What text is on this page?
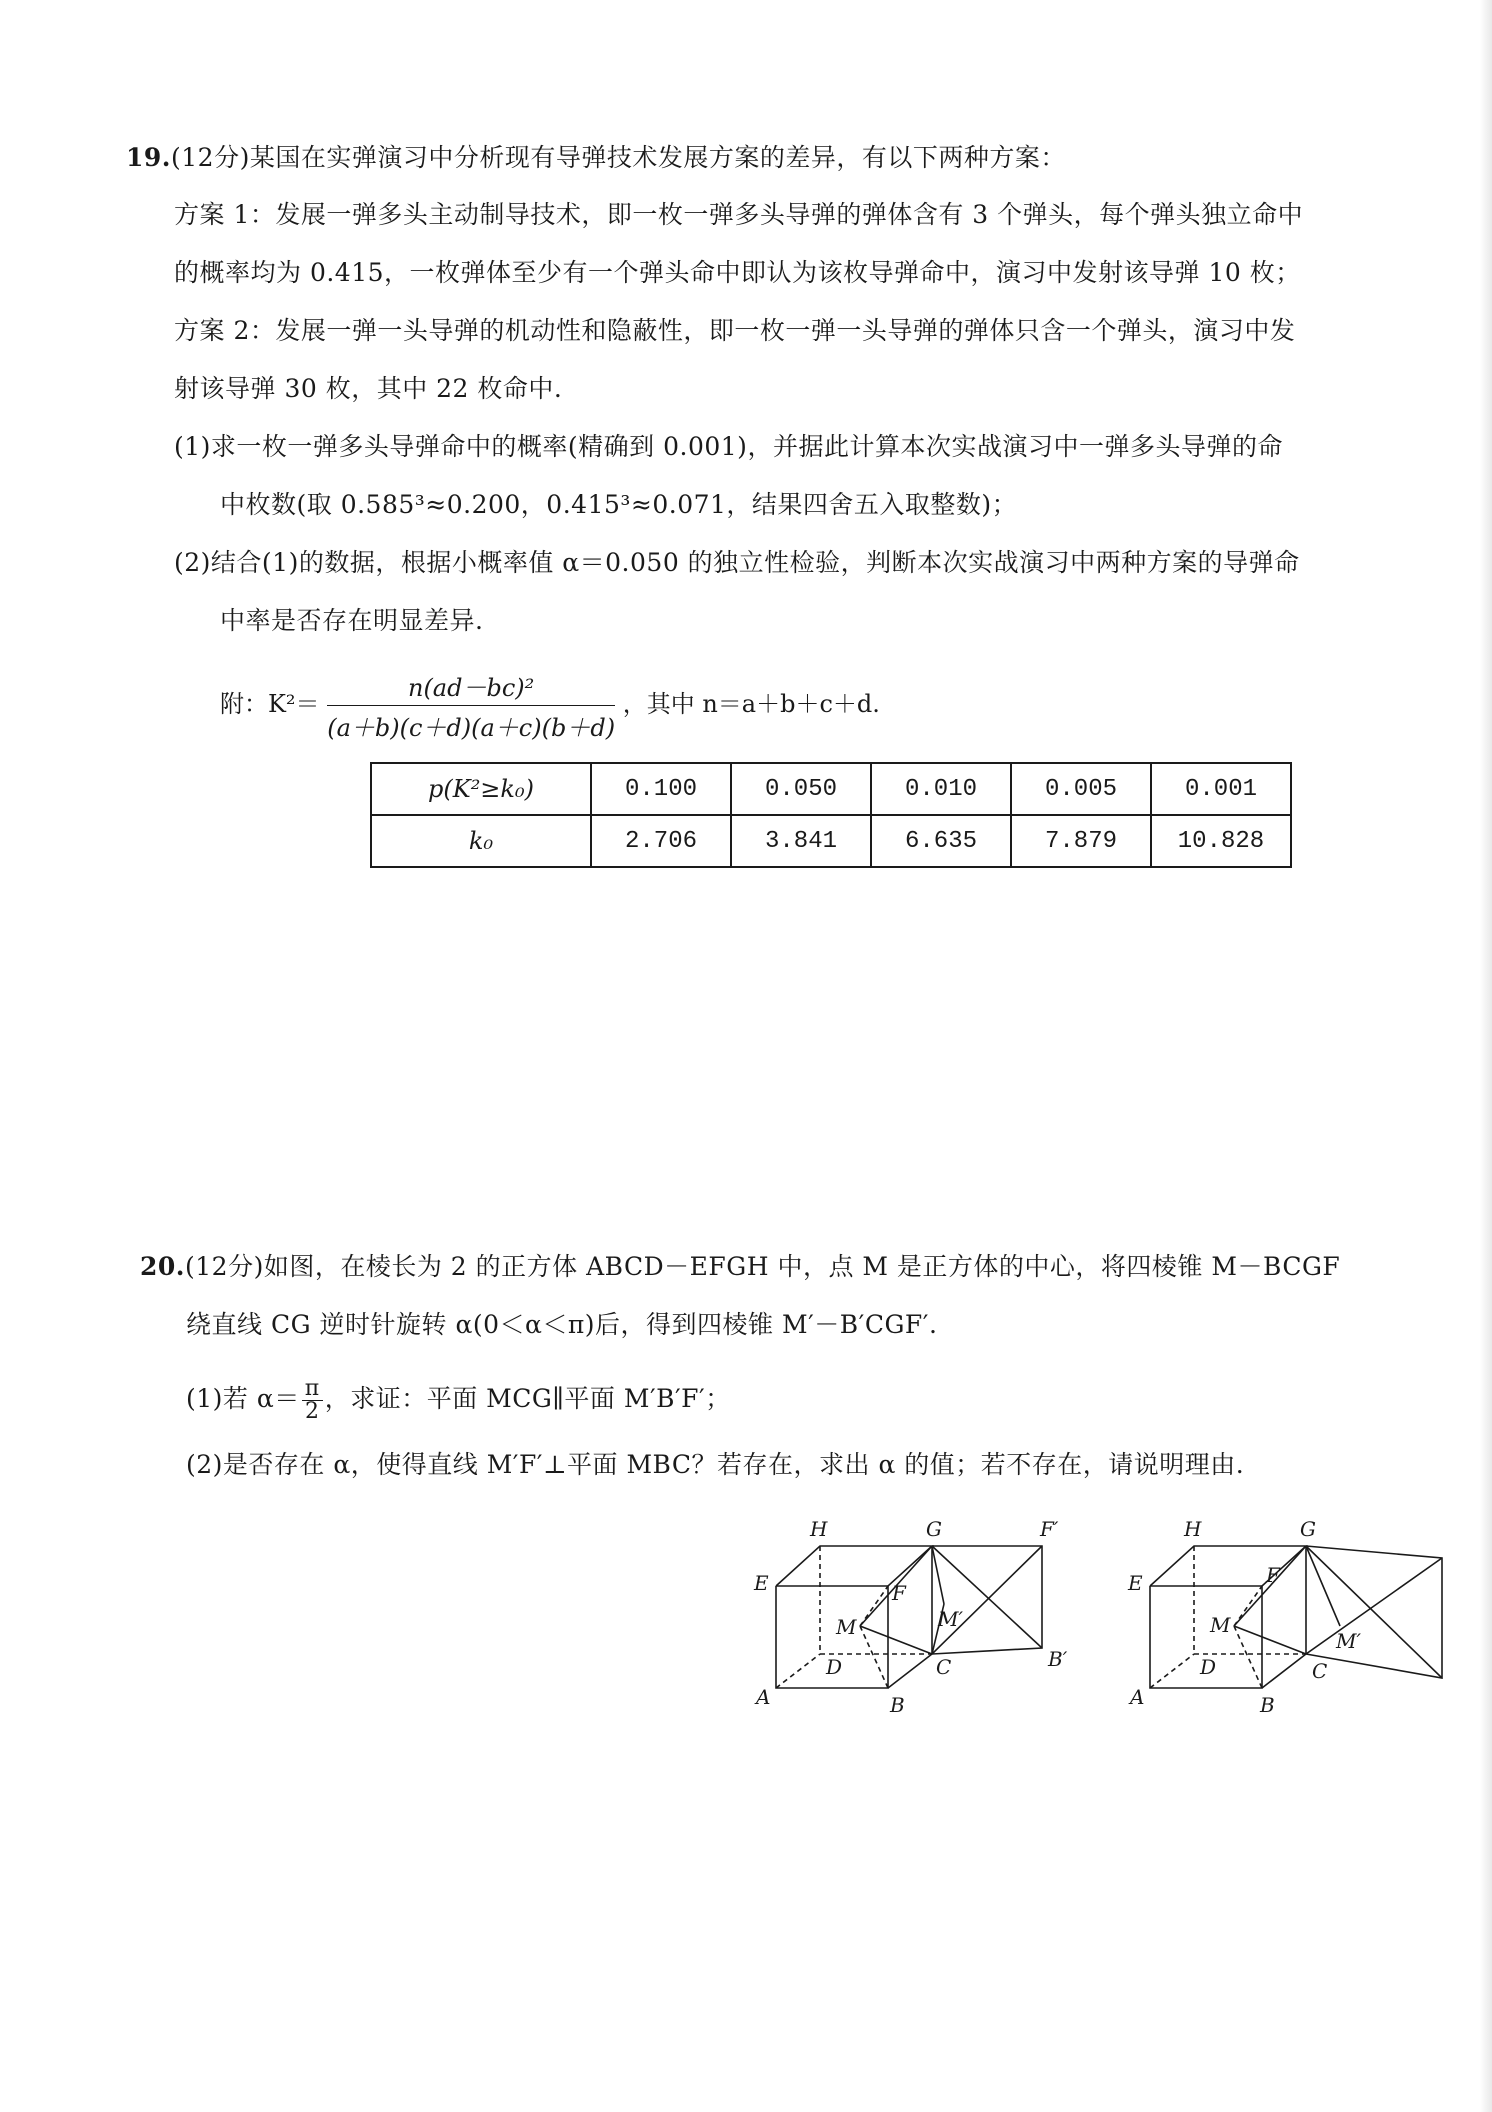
19.(12分)某国在实弹演习中分析现有导弹技术发展方案的差异，有以下两种方案：
方案 1：发展一弹多头主动制导技术，即一枚一弹多头导弹的弹体含有 3 个弹头，每个弹头独立命中
的概率均为 0.415，一枚弹体至少有一个弹头命中即认为该枚导弹命中，演习中发射该导弹 10 枚；
方案 2：发展一弹一头导弹的机动性和隐蔽性，即一枚一弹一头导弹的弹体只含一个弹头，演习中发
射该导弹 30 枚，其中 22 枚命中.
(1)求一枚一弹多头导弹命中的概率(精确到 0.001)，并据此计算本次实战演习中一弹多头导弹的命
中枚数(取 0.585³≈0.200，0.415³≈0.071，结果四舍五入取整数)；
(2)结合(1)的数据，根据小概率值 α＝0.050 的独立性检验，判断本次实战演习中两种方案的导弹命
中率是否存在明显差异.
附：$K^2= \frac{\text{n(ad－bc)²}}{(a+b)(c+d)(a+c)(b+d)}$ ，其中 n＝a＋b＋c＋d.
p(K²≥k₀)	0.100	0.050	0.010	0.005	0.001
k₀	2.706	3.841	6.635	7.879	10.828
20.(12分)如图，在棱长为 2 的正方体 ABCD－EFGH 中，点 M 是正方体的中心，将四棱锥 M－BCGF
绕直线 CG 逆时针旋转 α(0＜α＜π)后，得到四棱锥 M′－B′CGF′.
(1)若 $\alpha= \frac{\pi}{2}$ ，求证：平面 MCG∥平面 M′B′F′；
(2)是否存在 α，使得直线 M′F′⊥平面 MBC？若存在，求出 α 的值；若不存在，请说明理由.
H	G	F′
E	F
M	M′
D	C	B′
A	B
H	G
E	F
M
M′
D	C
A	B
